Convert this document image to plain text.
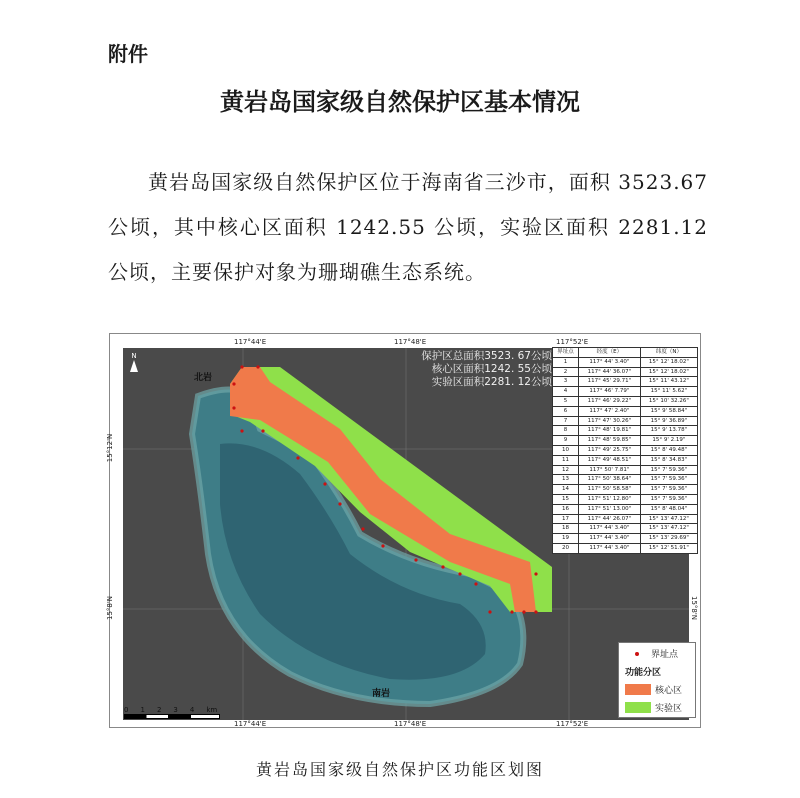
附件
黄岩岛国家级自然保护区基本情况
黄岩岛国家级自然保护区位于海南省三沙市，面积 3523.67 公顷，其中核心区面积 1242.55 公顷，实验区面积 2281.12 公顷，主要保护对象为珊瑚礁生态系统。
117°44'E	117°48'E	117°52'E
117°44'E	117°48'E	117°52'E
15°12'N
15°8'N	15°8'N
N	保护区总面积3523. 67公顷
核心区面积1242. 55公顷
实验区面积2281. 12公顷
界址点	经度（E）	纬度（N）
1	117° 44' 3.40"	15° 12' 18.02"
2	117° 44' 36.07"	15° 12' 18.02"
3	117° 45' 29.71"	15° 11' 43.12"
4	117° 46' 7.79"	15° 11' 5.62"
5	117° 46' 29.22"	15° 10' 32.26"
6	117° 47' 2.40"	15° 9' 58.84"
7	117° 47' 30.26"	15° 9' 36.89"
8	117° 48' 19.81"	15° 9' 13.78"
9	117° 48' 59.85"	15° 9' 2.19"
10	117° 49' 25.75"	15° 8' 49.48"
11	117° 49' 48.51"	15° 8' 34.83"
12	117° 50' 7.81"	15° 7' 59.36"
13	117° 50' 38.64"	15° 7' 59.36"
14	117° 50' 58.58"	15° 7' 59.36"
15	117° 51' 12.80"	15° 7' 59.36"
16	117° 51' 13.00"	15° 8' 48.04"
17	117° 44' 26.07"	15° 13' 47.12"
18	117° 44' 3.40"	15° 13' 47.12"
19	117° 44' 3.40"	15° 13' 29.69"
20	117° 44' 3.40"	15° 12' 51.91"
北岩
南岩
界址点
功能分区
核心区
实验区
0 1 2 3 4 km
黄岩岛国家级自然保护区功能区划图
